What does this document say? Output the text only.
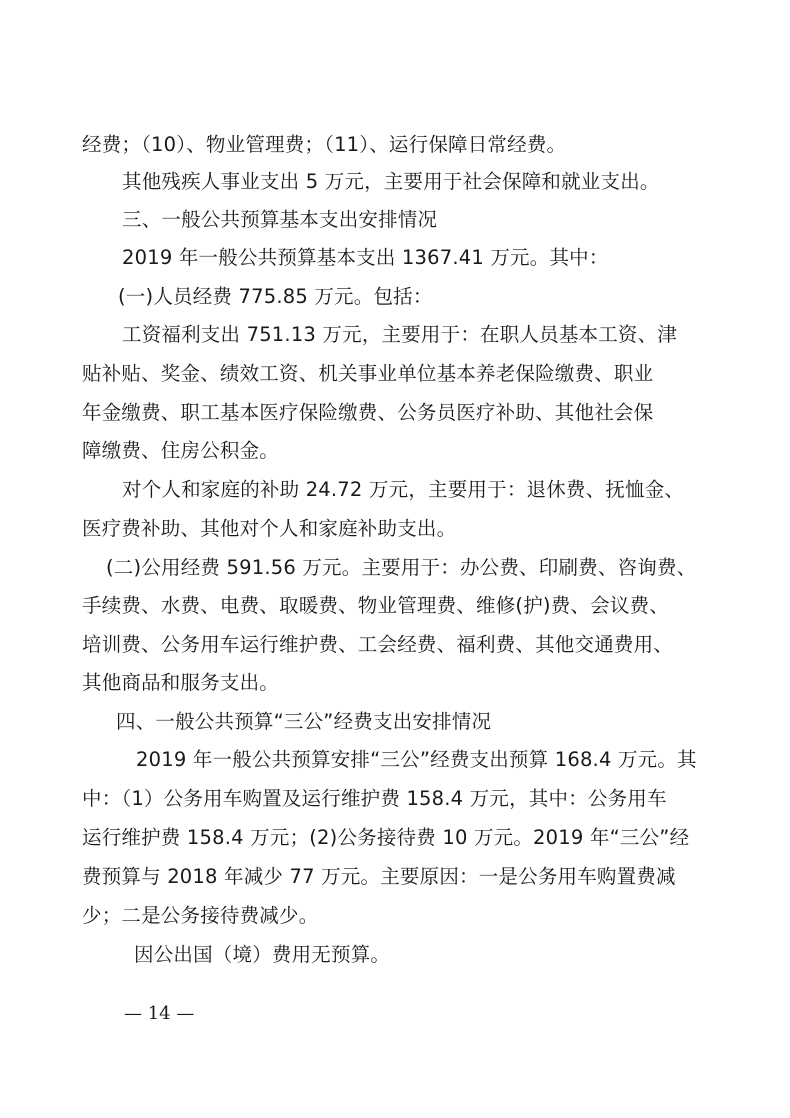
经费；（10）、物业管理费；（11）、运行保障日常经费。
其他残疾人事业支出 5 万元，主要用于社会保障和就业支出。
三、一般公共预算基本支出安排情况
2019 年一般公共预算基本支出 1367.41 万元。其中：
(一)人员经费 775.85 万元。包括：
工资福利支出 751.13 万元，主要用于：在职人员基本工资、津
贴补贴、奖金、绩效工资、机关事业单位基本养老保险缴费、职业
年金缴费、职工基本医疗保险缴费、公务员医疗补助、其他社会保
障缴费、住房公积金。
对个人和家庭的补助 24.72 万元，主要用于：退休费、抚恤金、
医疗费补助、其他对个人和家庭补助支出。
(二)公用经费 591.56 万元。主要用于：办公费、印刷费、咨询费、
手续费、水费、电费、取暖费、物业管理费、维修(护)费、会议费、
培训费、公务用车运行维护费、工会经费、福利费、其他交通费用、
其他商品和服务支出。
四、一般公共预算“三公”经费支出安排情况
2019 年一般公共预算安排“三公”经费支出预算 168.4 万元。其
中：（1）公务用车购置及运行维护费 158.4 万元，其中：公务用车
运行维护费 158.4 万元；(2)公务接待费 10 万元。2019 年“三公”经
费预算与 2018 年减少 77 万元。主要原因：一是公务用车购置费减
少；二是公务接待费减少。
因公出国（境）费用无预算。
— 14 —
